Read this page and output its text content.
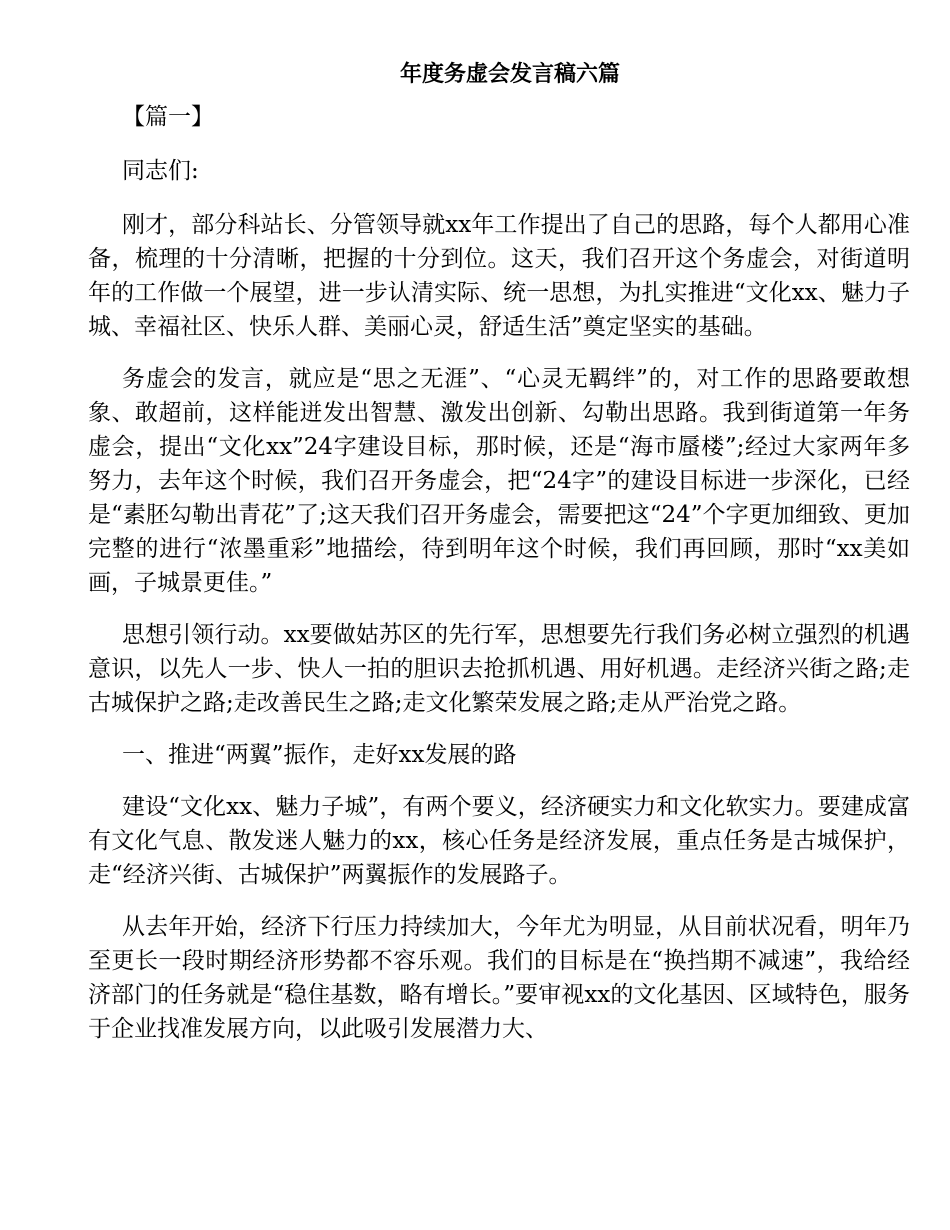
年度务虚会发言稿六篇

【篇一】

同志们:

刚才，部分科站长、分管领导就xx年工作提出了自己的思路，每个人都用心准备，梳理的十分清晰，把握的十分到位。这天，我们召开这个务虚会，对街道明年的工作做一个展望，进一步认清实际、统一思想，为扎实推进“文化xx、魅力子城、幸福社区、快乐人群、美丽心灵，舒适生活”奠定坚实的基础。

务虚会的发言，就应是“思之无涯”、“心灵无羁绊”的，对工作的思路要敢想象、敢超前，这样能迸发出智慧、激发出创新、勾勒出思路。我到街道第一年务虚会，提出“文化xx”24字建设目标，那时候，还是“海市蜃楼”;经过大家两年多努力，去年这个时候，我们召开务虚会，把“24字”的建设目标进一步深化，已经是“素胚勾勒出青花”了;这天我们召开务虚会，需要把这“24”个字更加细致、更加完整的进行“浓墨重彩”地描绘，待到明年这个时候，我们再回顾，那时“xx美如画，子城景更佳。”

思想引领行动。xx要做姑苏区的先行军，思想要先行我们务必树立强烈的机遇意识，以先人一步、快人一拍的胆识去抢抓机遇、用好机遇。走经济兴街之路;走古城保护之路;走改善民生之路;走文化繁荣发展之路;走从严治党之路。

一、推进“两翼”振作，走好xx发展的路

建设“文化xx、魅力子城”，有两个要义，经济硬实力和文化软实力。要建成富有文化气息、散发迷人魅力的xx，核心任务是经济发展，重点任务是古城保护，走“经济兴街、古城保护”两翼振作的发展路子。

从去年开始，经济下行压力持续加大，今年尤为明显，从目前状况看，明年乃至更长一段时期经济形势都不容乐观。我们的目标是在“换挡期不减速”，我给经济部门的任务就是“稳住基数，略有增长。”要审视xx的文化基因、区域特色，服务于企业找准发展方向，以此吸引发展潜力大、
